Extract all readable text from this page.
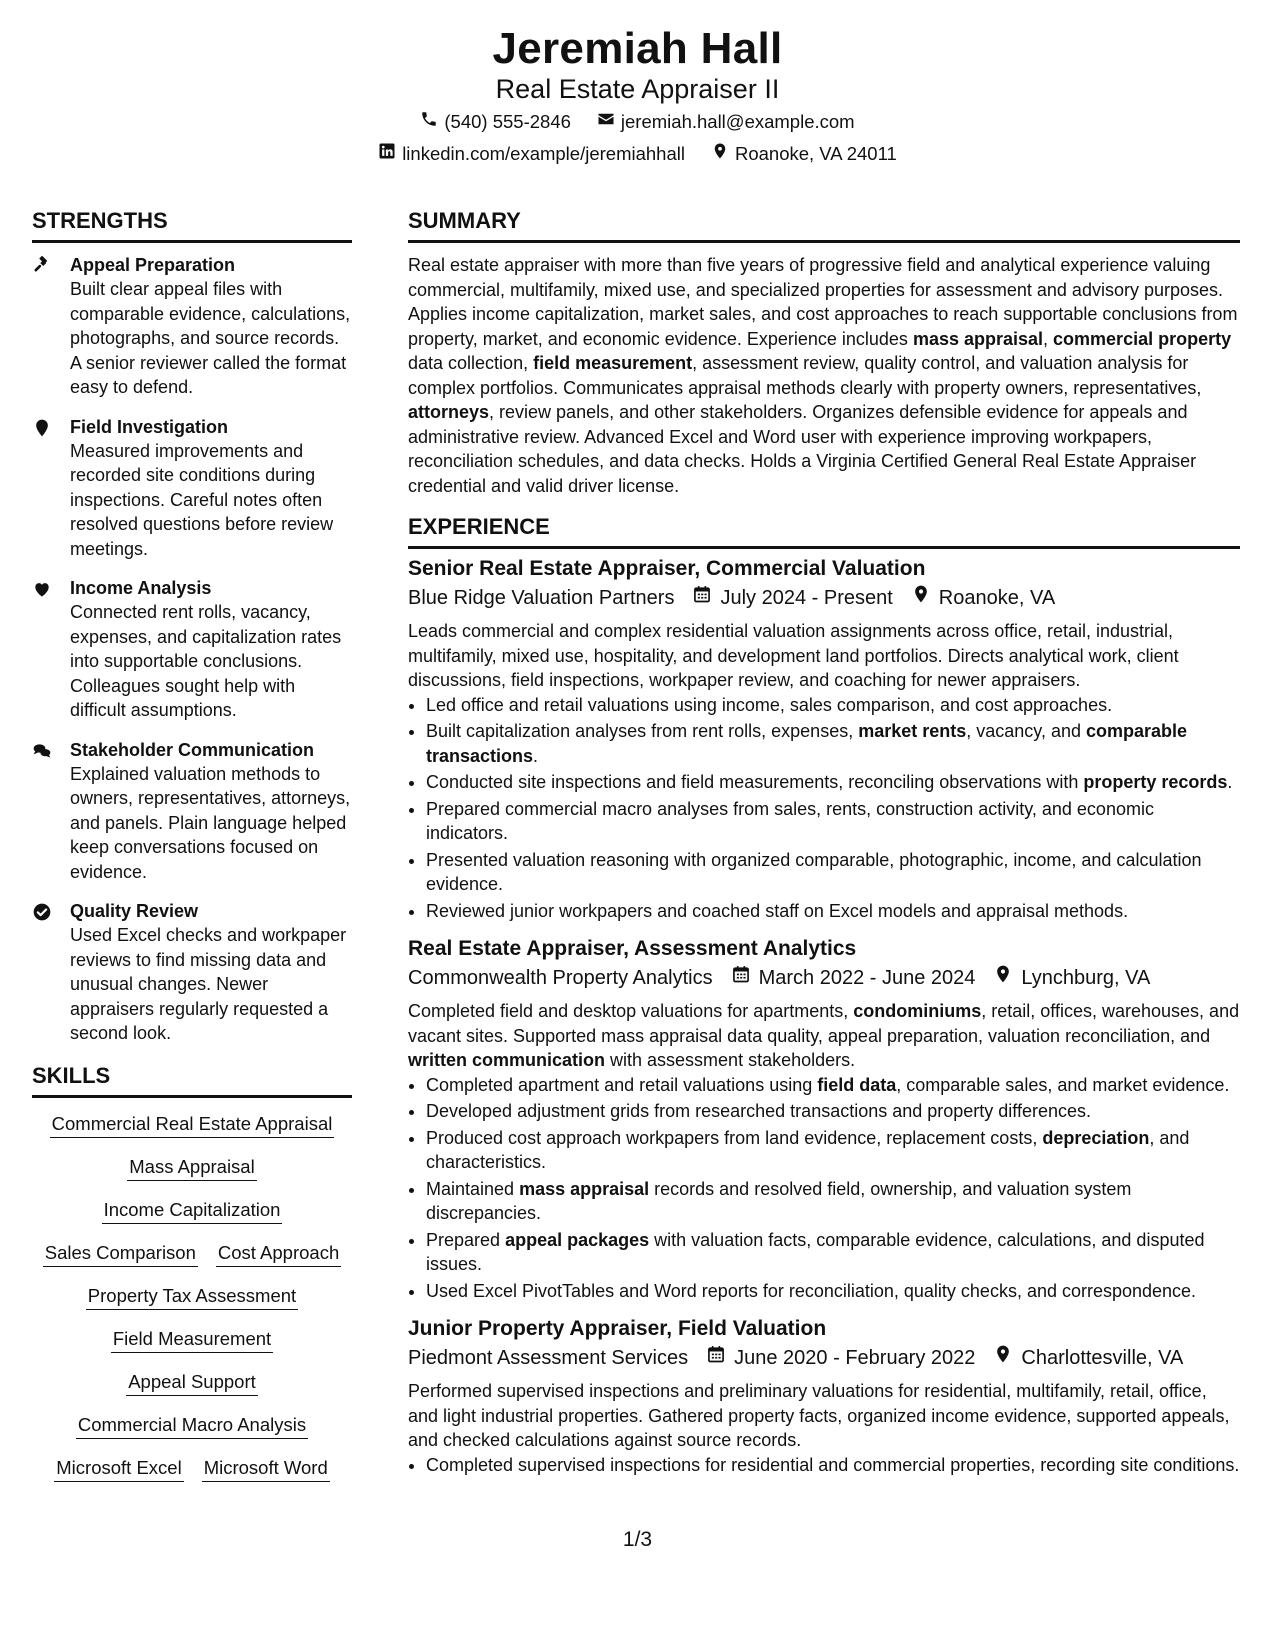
Jeremiah Hall
Real Estate Appraiser II
(540) 555-2846	jeremiah.hall@example.com
linkedin.com/example/jeremiahhall	Roanoke, VA 24011
STRENGTHS
Appeal Preparation
Built clear appeal files with comparable evidence, calculations, photographs, and source records. A senior reviewer called the format easy to defend.
Field Investigation
Measured improvements and recorded site conditions during inspections. Careful notes often resolved questions before review meetings.
Income Analysis
Connected rent rolls, vacancy, expenses, and capitalization rates into supportable conclusions. Colleagues sought help with difficult assumptions.
Stakeholder Communication
Explained valuation methods to owners, representatives, attorneys, and panels. Plain language helped keep conversations focused on evidence.
Quality Review
Used Excel checks and workpaper reviews to find missing data and unusual changes. Newer appraisers regularly requested a second look.
SKILLS
Commercial Real Estate Appraisal
Mass Appraisal
Income Capitalization
Sales Comparison Cost Approach
Property Tax Assessment
Field Measurement
Appeal Support
Commercial Macro Analysis
Microsoft Excel Microsoft Word
SUMMARY
Real estate appraiser with more than five years of progressive field and analytical experience valuing commercial, multifamily, mixed use, and specialized properties for assessment and advisory purposes. Applies income capitalization, market sales, and cost approaches to reach supportable conclusions from property, market, and economic evidence. Experience includes mass appraisal, commercial property data collection, field measurement, assessment review, quality control, and valuation analysis for complex portfolios. Communicates appraisal methods clearly with property owners, representatives, attorneys, review panels, and other stakeholders. Organizes defensible evidence for appeals and administrative review. Advanced Excel and Word user with experience improving workpapers, reconciliation schedules, and data checks. Holds a Virginia Certified General Real Estate Appraiser credential and valid driver license.
EXPERIENCE
Senior Real Estate Appraiser, Commercial Valuation
Blue Ridge Valuation Partners July 2024 - Present Roanoke, VA
Leads commercial and complex residential valuation assignments across office, retail, industrial, multifamily, mixed use, hospitality, and development land portfolios. Directs analytical work, client discussions, field inspections, workpaper review, and coaching for newer appraisers.
• Led office and retail valuations using income, sales comparison, and cost approaches.
• Built capitalization analyses from rent rolls, expenses, market rents, vacancy, and comparable transactions.
• Conducted site inspections and field measurements, reconciling observations with property records.
• Prepared commercial macro analyses from sales, rents, construction activity, and economic indicators.
• Presented valuation reasoning with organized comparable, photographic, income, and calculation evidence.
• Reviewed junior workpapers and coached staff on Excel models and appraisal methods.
Real Estate Appraiser, Assessment Analytics
Commonwealth Property Analytics March 2022 - June 2024 Lynchburg, VA
Completed field and desktop valuations for apartments, condominiums, retail, offices, warehouses, and vacant sites. Supported mass appraisal data quality, appeal preparation, valuation reconciliation, and written communication with assessment stakeholders.
• Completed apartment and retail valuations using field data, comparable sales, and market evidence.
• Developed adjustment grids from researched transactions and property differences.
• Produced cost approach workpapers from land evidence, replacement costs, depreciation, and characteristics.
• Maintained mass appraisal records and resolved field, ownership, and valuation system discrepancies.
• Prepared appeal packages with valuation facts, comparable evidence, calculations, and disputed issues.
• Used Excel PivotTables and Word reports for reconciliation, quality checks, and correspondence.
Junior Property Appraiser, Field Valuation
Piedmont Assessment Services June 2020 - February 2022 Charlottesville, VA
Performed supervised inspections and preliminary valuations for residential, multifamily, retail, office, and light industrial properties. Gathered property facts, organized income evidence, supported appeals, and checked calculations against source records.
• Completed supervised inspections for residential and commercial properties, recording site conditions.
1/3
